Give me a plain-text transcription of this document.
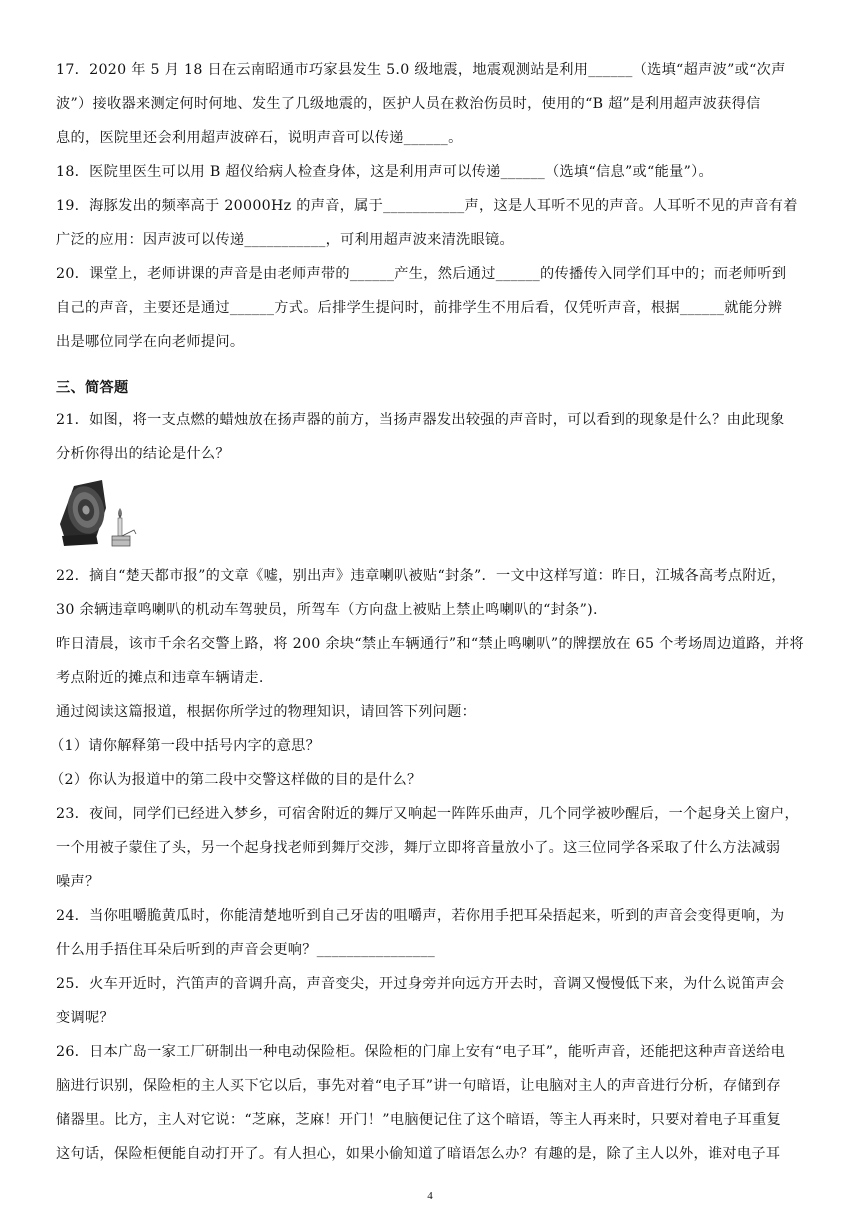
17．2020 年 5 月 18 日在云南昭通市巧家县发生 5.0 级地震，地震观测站是利用______（选填“超声波”或“次声
波”）接收器来测定何时何地、发生了几级地震的，医护人员在救治伤员时，使用的“B 超”是利用超声波获得信
息的，医院里还会利用超声波碎石，说明声音可以传递______。
18．医院里医生可以用 B 超仪给病人检查身体，这是利用声可以传递______（选填“信息”或“能量”）。
19．海豚发出的频率高于 20000Hz 的声音，属于___________声，这是人耳听不见的声音。人耳听不见的声音有着
广泛的应用：因声波可以传递___________，可利用超声波来清洗眼镜。
20．课堂上，老师讲课的声音是由老师声带的______产生，然后通过______的传播传入同学们耳中的；而老师听到
自己的声音，主要还是通过______方式。后排学生提问时，前排学生不用后看，仅凭听声音，根据______就能分辨
出是哪位同学在向老师提问。
三、简答题
21．如图，将一支点燃的蜡烛放在扬声器的前方，当扬声器发出较强的声音时，可以看到的现象是什么？由此现象
分析你得出的结论是什么？
22．摘自“楚天都市报”的文章《嘘，别出声》违章喇叭被贴“封条”．一文中这样写道：昨日，江城各高考点附近，
30 余辆违章鸣喇叭的机动车驾驶员，所驾车（方向盘上被贴上禁止鸣喇叭的“封条”).
昨日清晨，该市千余名交警上路，将 200 余块“禁止车辆通行”和“禁止鸣喇叭”的牌摆放在 65 个考场周边道路，并将
考点附近的摊点和违章车辆请走.
通过阅读这篇报道，根据你所学过的物理知识，请回答下列问题：
（1）请你解释第一段中括号内字的意思？
（2）你认为报道中的第二段中交警这样做的目的是什么？
23．夜间，同学们已经进入梦乡，可宿舍附近的舞厅又响起一阵阵乐曲声，几个同学被吵醒后，一个起身关上窗户，
一个用被子蒙住了头，另一个起身找老师到舞厅交涉，舞厅立即将音量放小了。这三位同学各采取了什么方法减弱
噪声？
24．当你咀嚼脆黄瓜时，你能清楚地听到自己牙齿的咀嚼声，若你用手把耳朵捂起来，听到的声音会变得更响，为
什么用手捂住耳朵后听到的声音会更响？________________
25．火车开近时，汽笛声的音调升高，声音变尖，开过身旁并向远方开去时，音调又慢慢低下来，为什么说笛声会
变调呢？
26．日本广岛一家工厂研制出一种电动保险柜。保险柜的门扉上安有“电子耳”，能听声音，还能把这种声音送给电
脑进行识别，保险柜的主人买下它以后，事先对着“电子耳”讲一句暗语，让电脑对主人的声音进行分析，存储到存
储器里。比方，主人对它说：“芝麻，芝麻！开门！”电脑便记住了这个暗语，等主人再来时，只要对着电子耳重复
这句话，保险柜便能自动打开了。有人担心，如果小偷知道了暗语怎么办？有趣的是，除了主人以外，谁对电子耳
4
